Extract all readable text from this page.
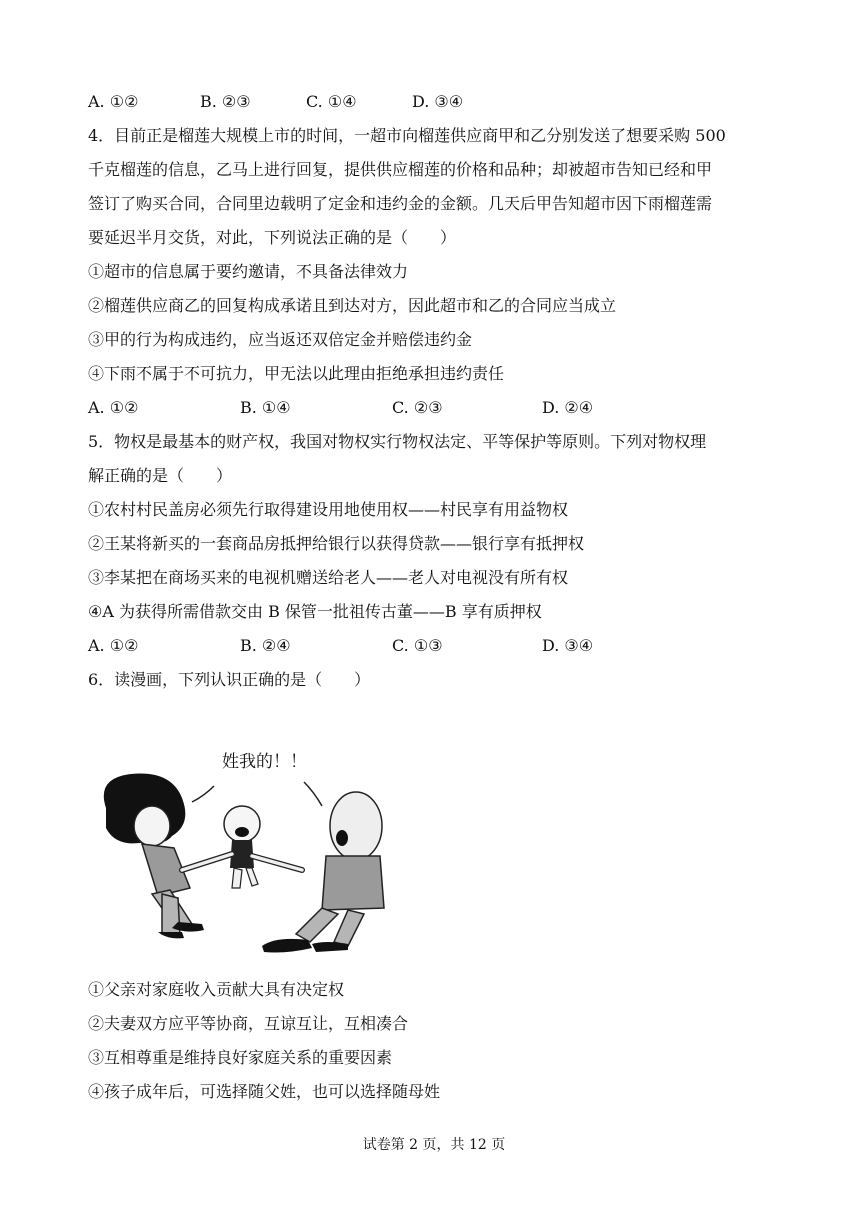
A. ①②	B. ②③	C. ①④	D. ③④
4．目前正是榴莲大规模上市的时间，一超市向榴莲供应商甲和乙分别发送了想要采购 500
千克榴莲的信息，乙马上进行回复，提供供应榴莲的价格和品种；却被超市告知已经和甲
签订了购买合同，合同里边载明了定金和违约金的金额。几天后甲告知超市因下雨榴莲需
要延迟半月交货，对此，下列说法正确的是（　　）
①超市的信息属于要约邀请，不具备法律效力
②榴莲供应商乙的回复构成承诺且到达对方，因此超市和乙的合同应当成立
③甲的行为构成违约，应当返还双倍定金并赔偿违约金
④下雨不属于不可抗力，甲无法以此理由拒绝承担违约责任
A. ①②	B. ①④	C. ②③	D. ②④
5．物权是最基本的财产权，我国对物权实行物权法定、平等保护等原则。下列对物权理
解正确的是（　　）
①农村村民盖房必须先行取得建设用地使用权——村民享有用益物权
②王某将新买的一套商品房抵押给银行以获得贷款——银行享有抵押权
③李某把在商场买来的电视机赠送给老人——老人对电视没有所有权
④A 为获得所需借款交由 B 保管一批祖传古董——B 享有质押权
A. ①②	B. ②④	C. ①③	D. ③④
6．读漫画，下列认识正确的是（　　）
姓我的！！
①父亲对家庭收入贡献大具有决定权
②夫妻双方应平等协商，互谅互让，互相凑合
③互相尊重是维持良好家庭关系的重要因素
④孩子成年后，可选择随父姓，也可以选择随母姓
试卷第 2 页，共 12 页
